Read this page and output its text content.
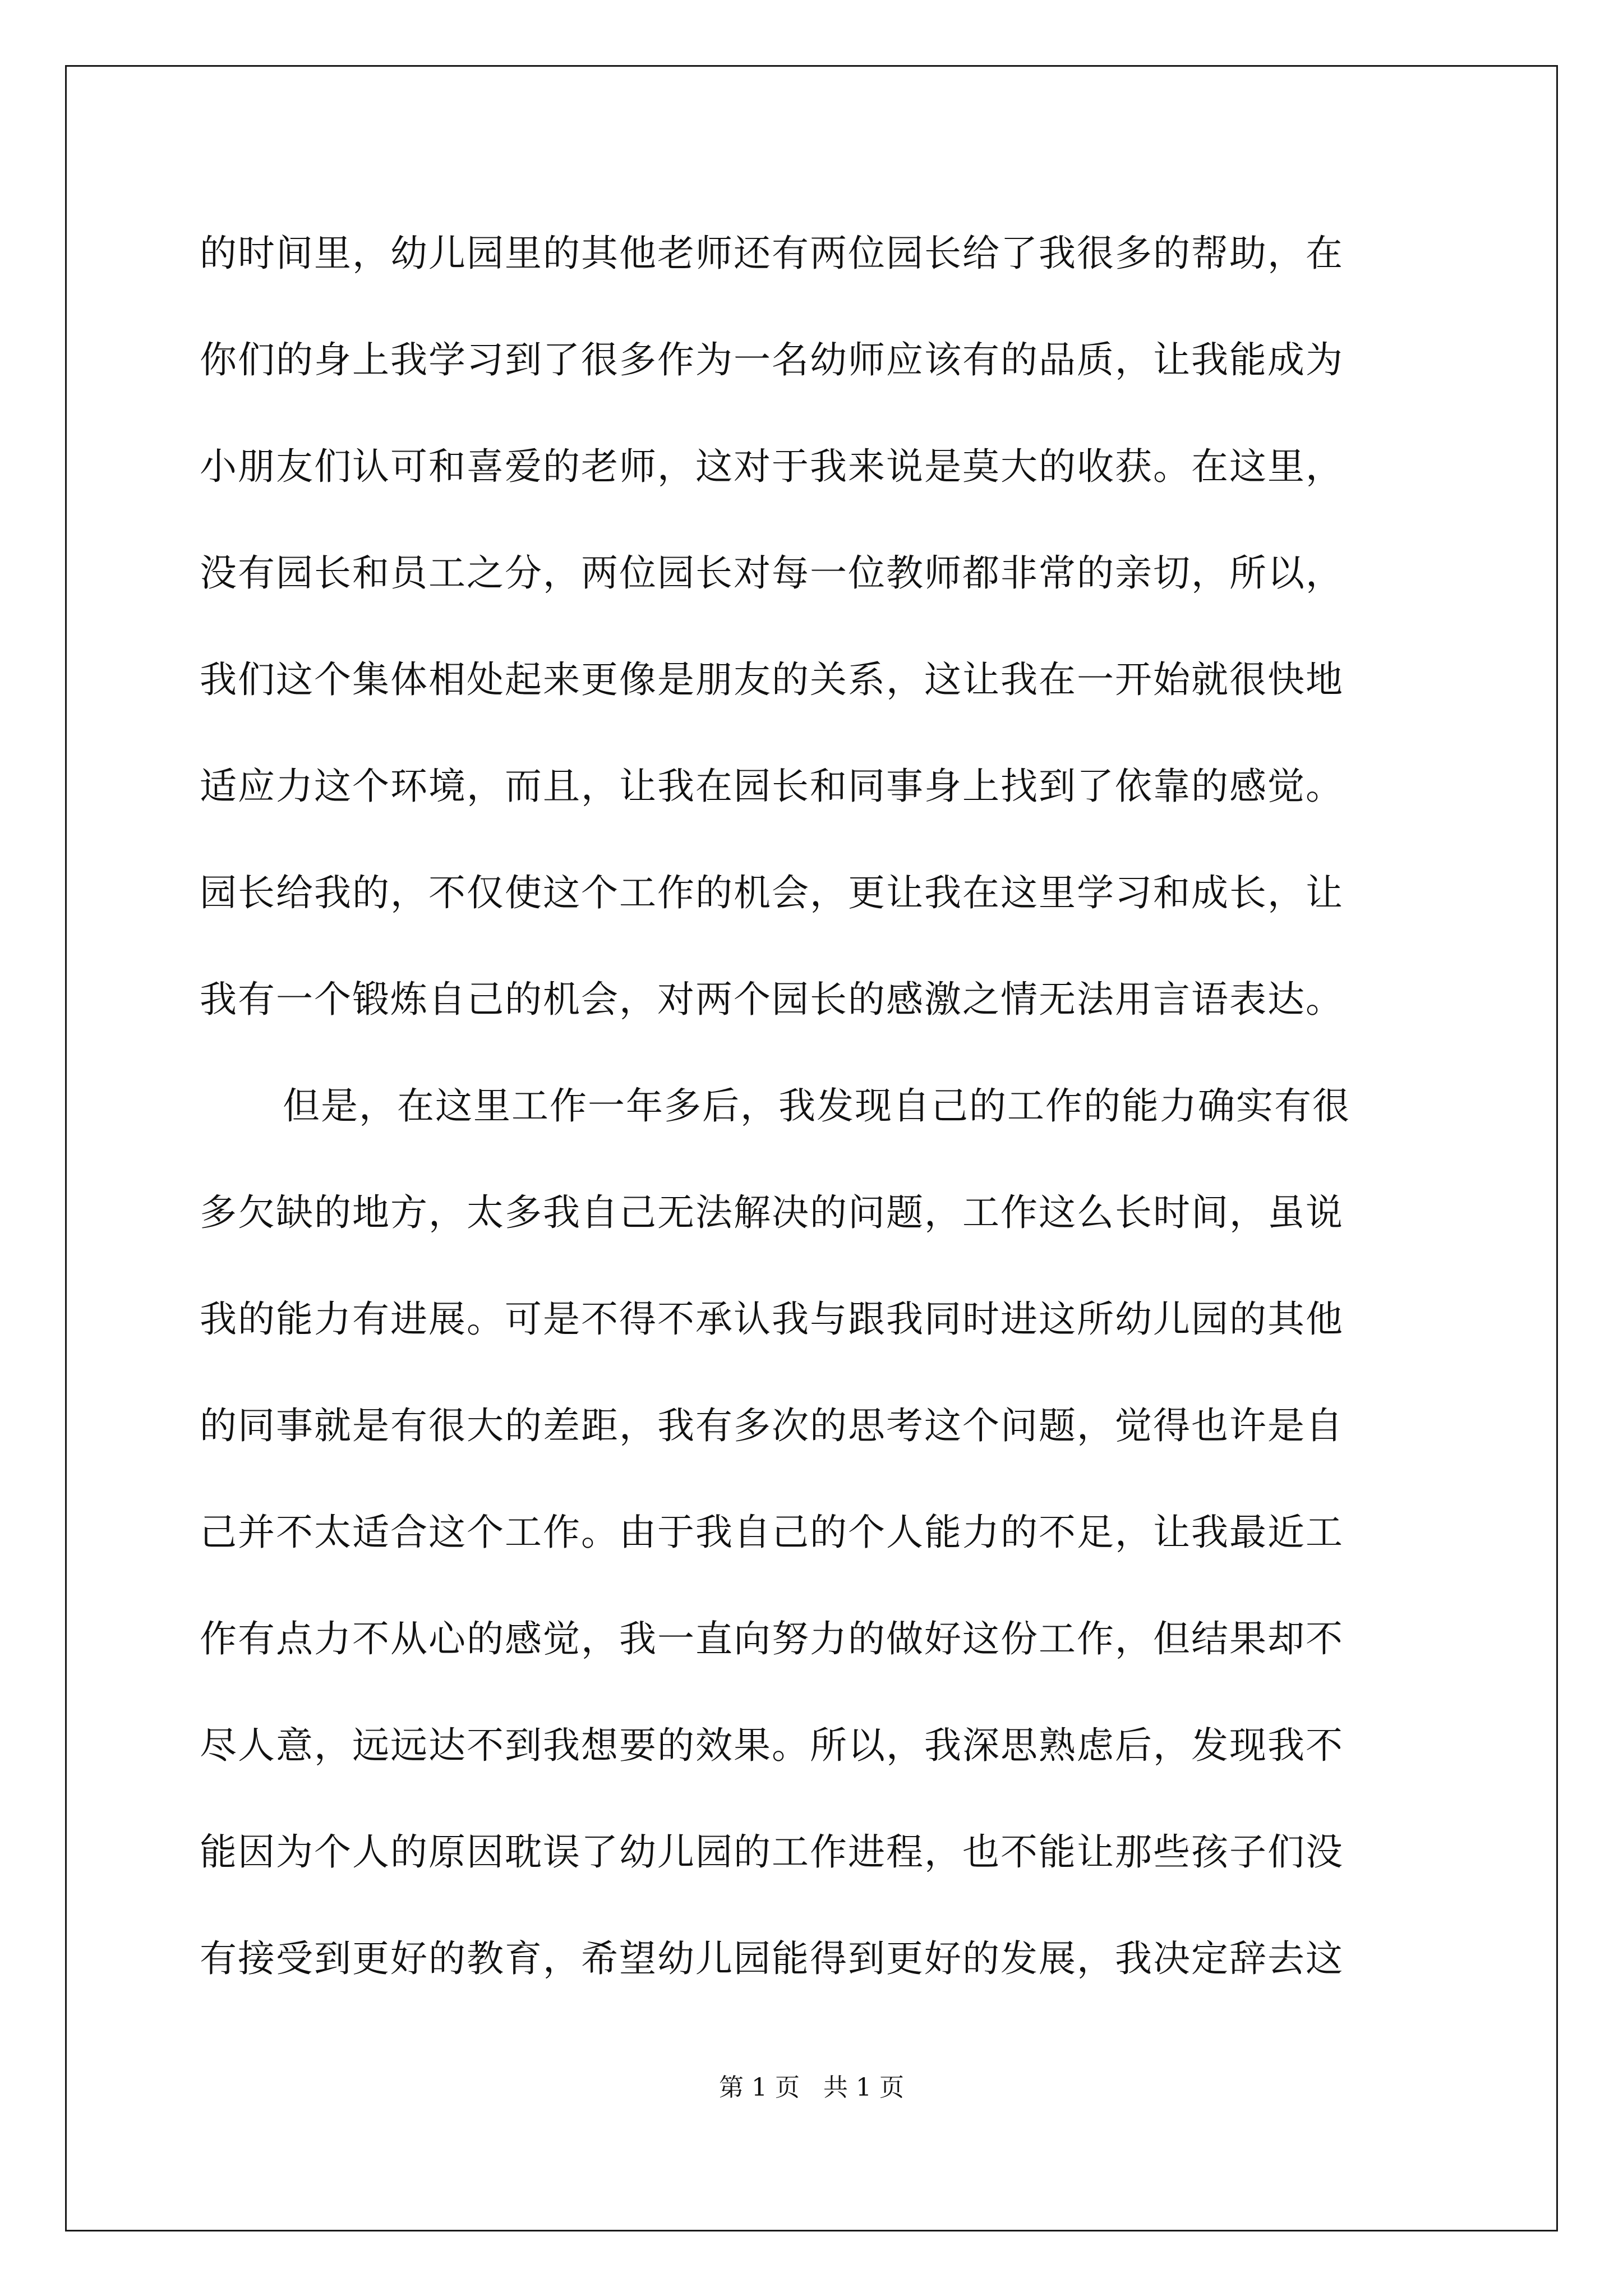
的时间里，幼儿园里的其他老师还有两位园长给了我很多的帮助，在
你们的身上我学习到了很多作为一名幼师应该有的品质，让我能成为
小朋友们认可和喜爱的老师，这对于我来说是莫大的收获。在这里，
没有园长和员工之分，两位园长对每一位教师都非常的亲切，所以，
我们这个集体相处起来更像是朋友的关系，这让我在一开始就很快地
适应力这个环境，而且，让我在园长和同事身上找到了依靠的感觉。
园长给我的，不仅使这个工作的机会，更让我在这里学习和成长，让
我有一个锻炼自己的机会，对两个园长的感激之情无法用言语表达。
但是，在这里工作一年多后，我发现自己的工作的能力确实有很
多欠缺的地方，太多我自己无法解决的问题，工作这么长时间，虽说
我的能力有进展。可是不得不承认我与跟我同时进这所幼儿园的其他
的同事就是有很大的差距，我有多次的思考这个问题，觉得也许是自
己并不太适合这个工作。由于我自己的个人能力的不足，让我最近工
作有点力不从心的感觉，我一直向努力的做好这份工作，但结果却不
尽人意，远远达不到我想要的效果。所以，我深思熟虑后，发现我不
能因为个人的原因耽误了幼儿园的工作进程，也不能让那些孩子们没
有接受到更好的教育，希望幼儿园能得到更好的发展，我决定辞去这
第 1 页   共 1 页
